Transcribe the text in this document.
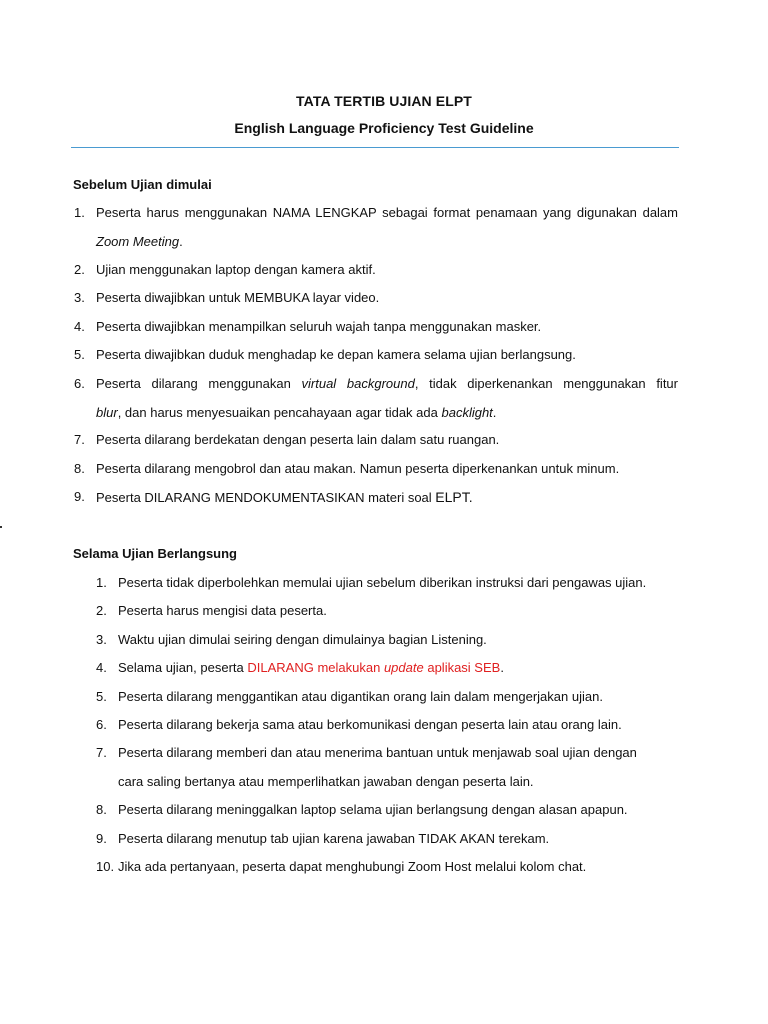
TATA TERTIB UJIAN ELPT
English Language Proficiency Test Guideline
Sebelum Ujian dimulai
1. Peserta harus menggunakan NAMA LENGKAP sebagai format penamaan yang digunakan dalam
Zoom Meeting.
2. Ujian menggunakan laptop dengan kamera aktif.
3. Peserta diwajibkan untuk MEMBUKA layar video.
4. Peserta diwajibkan menampilkan seluruh wajah tanpa menggunakan masker.
5. Peserta diwajibkan duduk menghadap ke depan kamera selama ujian berlangsung.
6. Peserta dilarang menggunakan virtual background, tidak diperkenankan menggunakan fitur
blur, dan harus menyesuaikan pencahayaan agar tidak ada backlight.
7. Peserta dilarang berdekatan dengan peserta lain dalam satu ruangan.
8. Peserta dilarang mengobrol dan atau makan. Namun peserta diperkenankan untuk minum.
9. Peserta DILARANG MENDOKUMENTASIKAN materi soal ELPT.
Selama Ujian Berlangsung
1. Peserta tidak diperbolehkan memulai ujian sebelum diberikan instruksi dari pengawas ujian.
2. Peserta harus mengisi data peserta.
3. Waktu ujian dimulai seiring dengan dimulainya bagian Listening.
4. Selama ujian, peserta DILARANG melakukan update aplikasi SEB.
5. Peserta dilarang menggantikan atau digantikan orang lain dalam mengerjakan ujian.
6. Peserta dilarang bekerja sama atau berkomunikasi dengan peserta lain atau orang lain.
7. Peserta dilarang memberi dan atau menerima bantuan untuk menjawab soal ujian dengan
cara saling bertanya atau memperlihatkan jawaban dengan peserta lain.
8. Peserta dilarang meninggalkan laptop selama ujian berlangsung dengan alasan apapun.
9. Peserta dilarang menutup tab ujian karena jawaban TIDAK AKAN terekam.
10. Jika ada pertanyaan, peserta dapat menghubungi Zoom Host melalui kolom chat.
